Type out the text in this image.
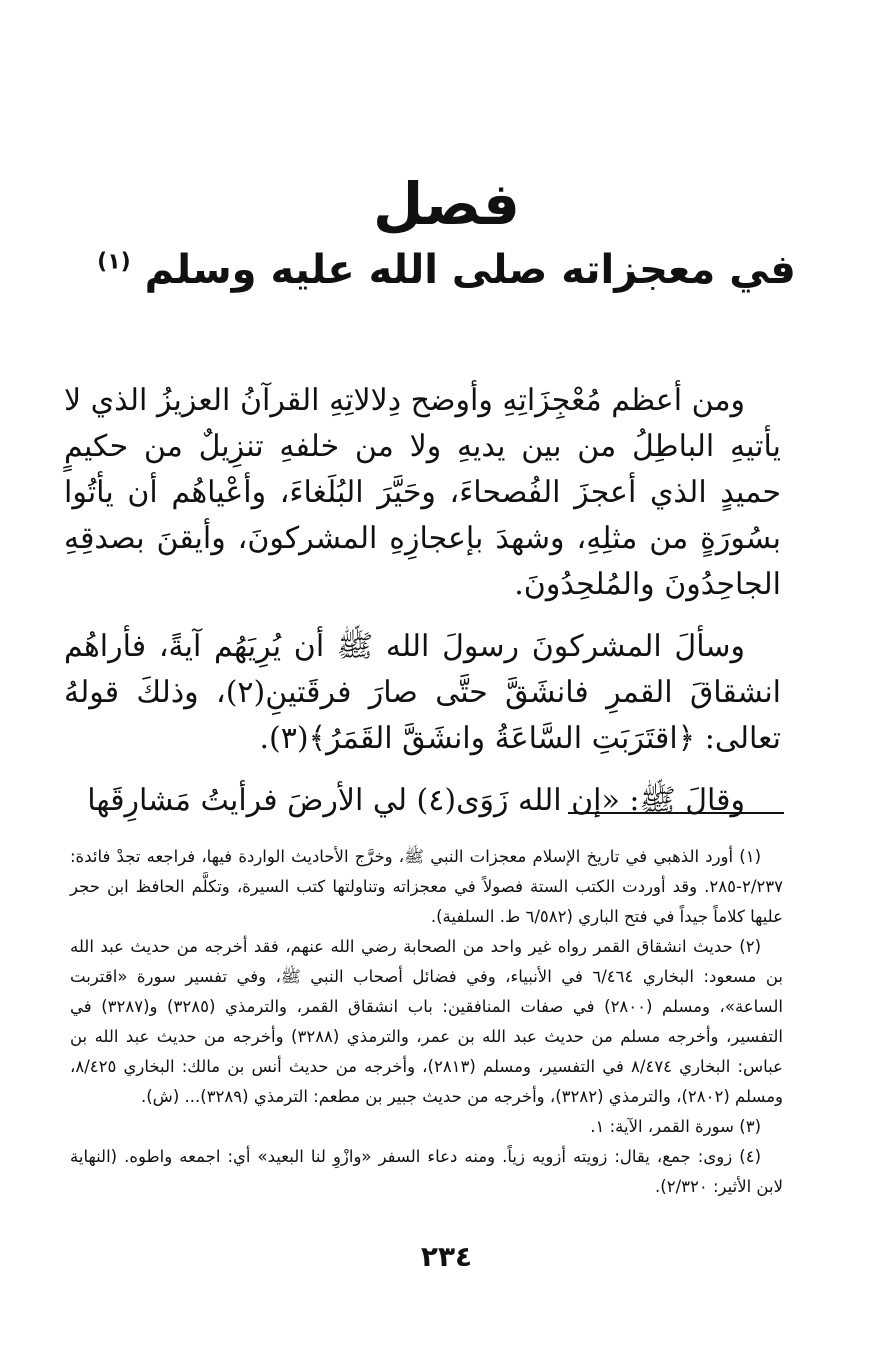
فصل
في معجزاته صلى الله عليه وسلم $^{(١)}$

ومن أعظم مُعْجِزَاتِهِ وأوضح دِلالاتِهِ القرآنُ العزيزُ الذي لا يأتيهِ الباطِلُ من بين يديهِ ولا من خلفهِ تنزِيلٌ من حكيمٍ حميدٍ الذي أعجزَ الفُصحاءَ، وحَيَّرَ البُلَغاءَ، وأعْياهُم أن يأتُوا بسُورَةٍ من مثلِهِ، وشهدَ بإعجازِهِ المشركونَ، وأيقنَ بصدقِهِ الجاحِدُونَ والمُلحِدُونَ.

وسألَ المشركونَ رسولَ الله ﷺ أن يُرِيَهُم آيةً، فأراهُم انشقاقَ القمرِ فانشَقَّ حتَّى صارَ فرقَتينِ(٢)، وذلكَ قولهُ تعالى: ﴿اقتَرَبَتِ السَّاعَةُ وانشَقَّ القَمَرُ﴾(٣).

وقالَ ﷺ: «إن الله زَوَى(٤) لي الأرضَ فرأيتُ مَشارِقَها

(١) أورد الذهبي في تاريخ الإسلام معجزات النبي ﷺ، وخرَّج الأحاديث الواردة فيها، فراجعه تجدْ فائدة: ٢/٢٣٧-٢٨٥. وقد أوردت الكتب الستة فصولاً في معجزاته وتناولتها كتب السيرة، وتكلَّم الحافظ ابن حجر عليها كلاماً جيداً في فتح الباري (٦/٥٨٢ ط. السلفية).

(٢) حديث انشقاق القمر رواه غير واحد من الصحابة رضي الله عنهم، فقد أخرجه من حديث عبد الله بن مسعود: البخاري ٦/٤٦٤ في الأنبياء، وفي فضائل أصحاب النبي ﷺ، وفي تفسير سورة «اقتربت الساعة»، ومسلم (٢٨٠٠) في صفات المنافقين: باب انشقاق القمر، والترمذي (٣٢٨٥) و(٣٢٨٧) في التفسير، وأخرجه مسلم من حديث عبد الله بن عمر، والترمذي (٣٢٨٨) وأخرجه من حديث عبد الله بن عباس: البخاري ٨/٤٧٤ في التفسير، ومسلم (٢٨١٣)، وأخرجه من حديث أنس بن مالك: البخاري ٨/٤٢٥، ومسلم (٢٨٠٢)، والترمذي (٣٢٨٢)، وأخرجه من حديث جبير بن مطعم: الترمذي (٣٢٨٩)... (ش).

(٣) سورة القمر، الآية: ١.

(٤) زوى: جمع، يقال: زويته أزويه زياً. ومنه دعاء السفر «وازْوِ لنا البعيد» أي: اجمعه واطوه. (النهاية لابن الأثير: ٢/٣٢٠).

٢٣٤
